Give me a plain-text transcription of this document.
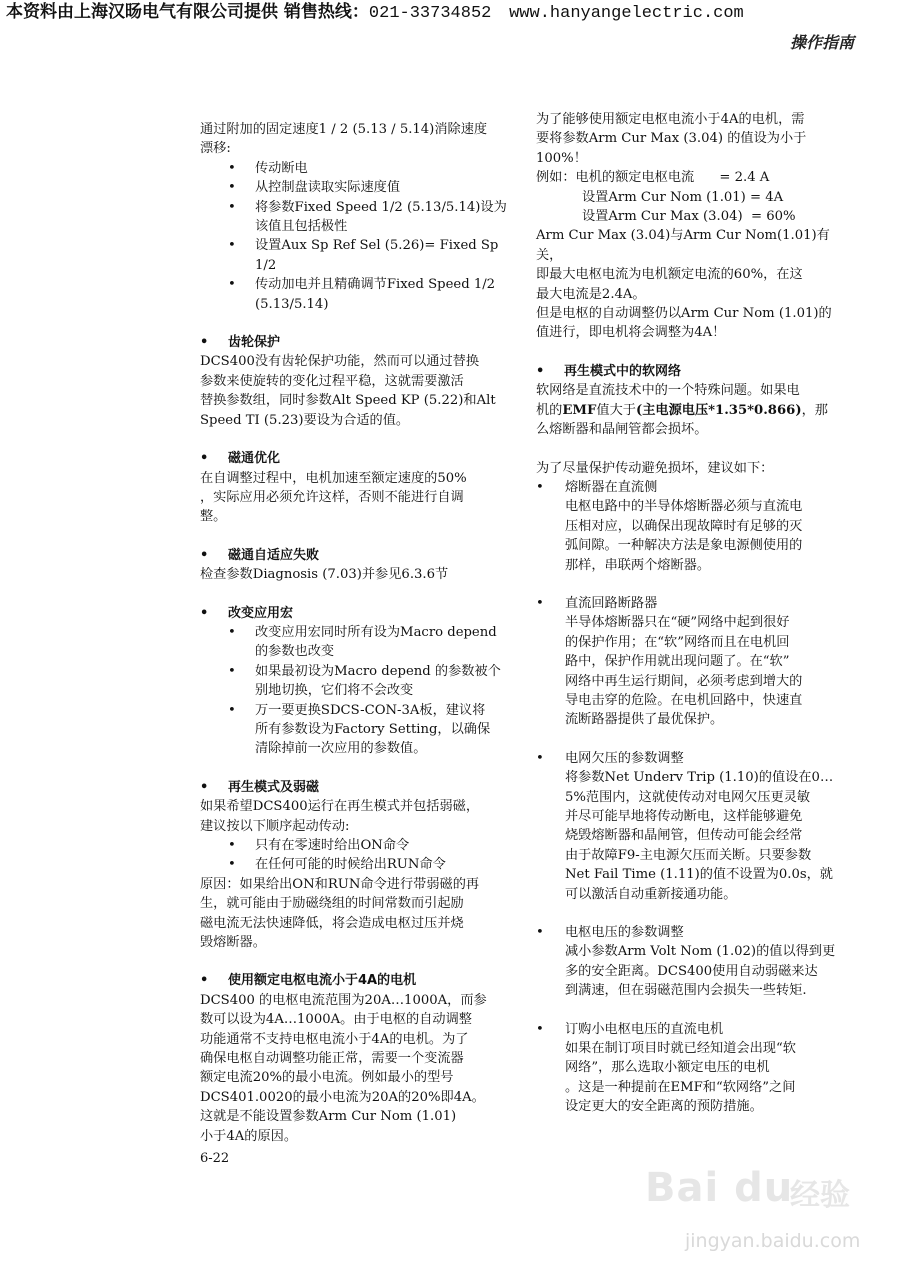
本资料由上海汉旸电气有限公司提供 销售热线：021-33734852 www.hanyangelectric.com
操作指南

通过附加的固定速度1 / 2 (5.13 / 5.14)消除速度

漂移:

•	传动断电
•	从控制盘读取实际速度值
•	将参数Fixed Speed 1/2 (5.13/5.14)设为
该值且包括极性
•	设置Aux Sp Ref Sel (5.26)= Fixed Sp 1/2
•	传动加电并且精确调节Fixed Speed 1/2
(5.13/5.14)
•	齿轮保护

DCS400没有齿轮保护功能，然而可以通过替换

参数来使旋转的变化过程平稳，这就需要激活

替换参数组，同时参数Alt Speed KP (5.22)和Alt

Speed TI (5.23)要设为合适的值。

•	磁通优化

在自调整过程中，电机加速至额定速度的50%

，实际应用必须允许这样，否则不能进行自调

整。

•	磁通自适应失败

检查参数Diagnosis (7.03)并参见6.3.6节

•	改变应用宏
•	改变应用宏同时所有设为Macro depend
的参数也改变
•	如果最初设为Macro depend 的参数被个
别地切换，它们将不会改变
•	万一要更换SDCS-CON-3A板，建议将
所有参数设为Factory Setting，以确保
清除掉前一次应用的参数值。
•	再生模式及弱磁

如果希望DCS400运行在再生模式并包括弱磁，

建议按以下顺序起动传动:

•	只有在零速时给出ON命令
•	在任何可能的时候给出RUN命令

原因：如果给出ON和RUN命令进行带弱磁的再

生，就可能由于励磁绕组的时间常数而引起励

磁电流无法快速降低，将会造成电枢过压并烧

毁熔断器。

•	使用额定电枢电流小于4A的电机

DCS400 的电枢电流范围为20A…1000A，而参

数可以设为4A…1000A。由于电枢的自动调整

功能通常不支持电枢电流小于4A的电机。为了

确保电枢自动调整功能正常，需要一个变流器

额定电流20%的最小电流。例如最小的型号

DCS401.0020的最小电流为20A的20%即4A。

这就是不能设置参数Arm Cur Nom (1.01)

小于4A的原因。

为了能够使用额定电枢电流小于4A的电机，需

要将参数Arm Cur Max (3.04) 的值设为小于

100%！

例如：电机的额定电枢电流      = 2.4 A

设置Arm Cur Nom (1.01) = 4A

设置Arm Cur Max (3.04)  = 60%

Arm Cur Max (3.04)与Arm Cur Nom(1.01)有关，

即最大电枢电流为电机额定电流的60%，在这

最大电流是2.4A。

但是电枢的自动调整仍以Arm Cur Nom (1.01)的

值进行，即电机将会调整为4A！

•	再生模式中的软网络

软网络是直流技术中的一个特殊问题。如果电

机的EMF值大于(主电源电压*1.35*0.866)，那

么熔断器和晶闸管都会损坏。

为了尽量保护传动避免损坏，建议如下：

•	熔断器在直流侧

电枢电路中的半导体熔断器必须与直流电

压相对应，以确保出现故障时有足够的灭

弧间隙。一种解决方法是象电源侧使用的

那样，串联两个熔断器。

•	直流回路断路器

半导体熔断器只在“硬”网络中起到很好

的保护作用；在“软”网络而且在电机回

路中，保护作用就出现问题了。在“软”

网络中再生运行期间，必须考虑到增大的

导电击穿的危险。在电机回路中，快速直

流断路器提供了最优保护。

•	电网欠压的参数调整

将参数Net Underv Trip (1.10)的值设在0…

5%范围内，这就使传动对电网欠压更灵敏

并尽可能早地将传动断电，这样能够避免

烧毁熔断器和晶闸管，但传动可能会经常

由于故障F9-主电源欠压而关断。只要参数

Net Fail Time (1.11)的值不设置为0.0s，就

可以激活自动重新接通功能。

•	电枢电压的参数调整

减小参数Arm Volt Nom (1.02)的值以得到更

多的安全距离。DCS400使用自动弱磁来达

到满速，但在弱磁范围内会损失一些转矩.

•	订购小电枢电压的直流电机

如果在制订项目时就已经知道会出现“软

网络”，那么选取小额定电压的电机

。这是一种提前在EMF和“软网络”之间

设定更大的安全距离的预防措施。

6-22
Bai du
经验
jingyan.baidu.com
